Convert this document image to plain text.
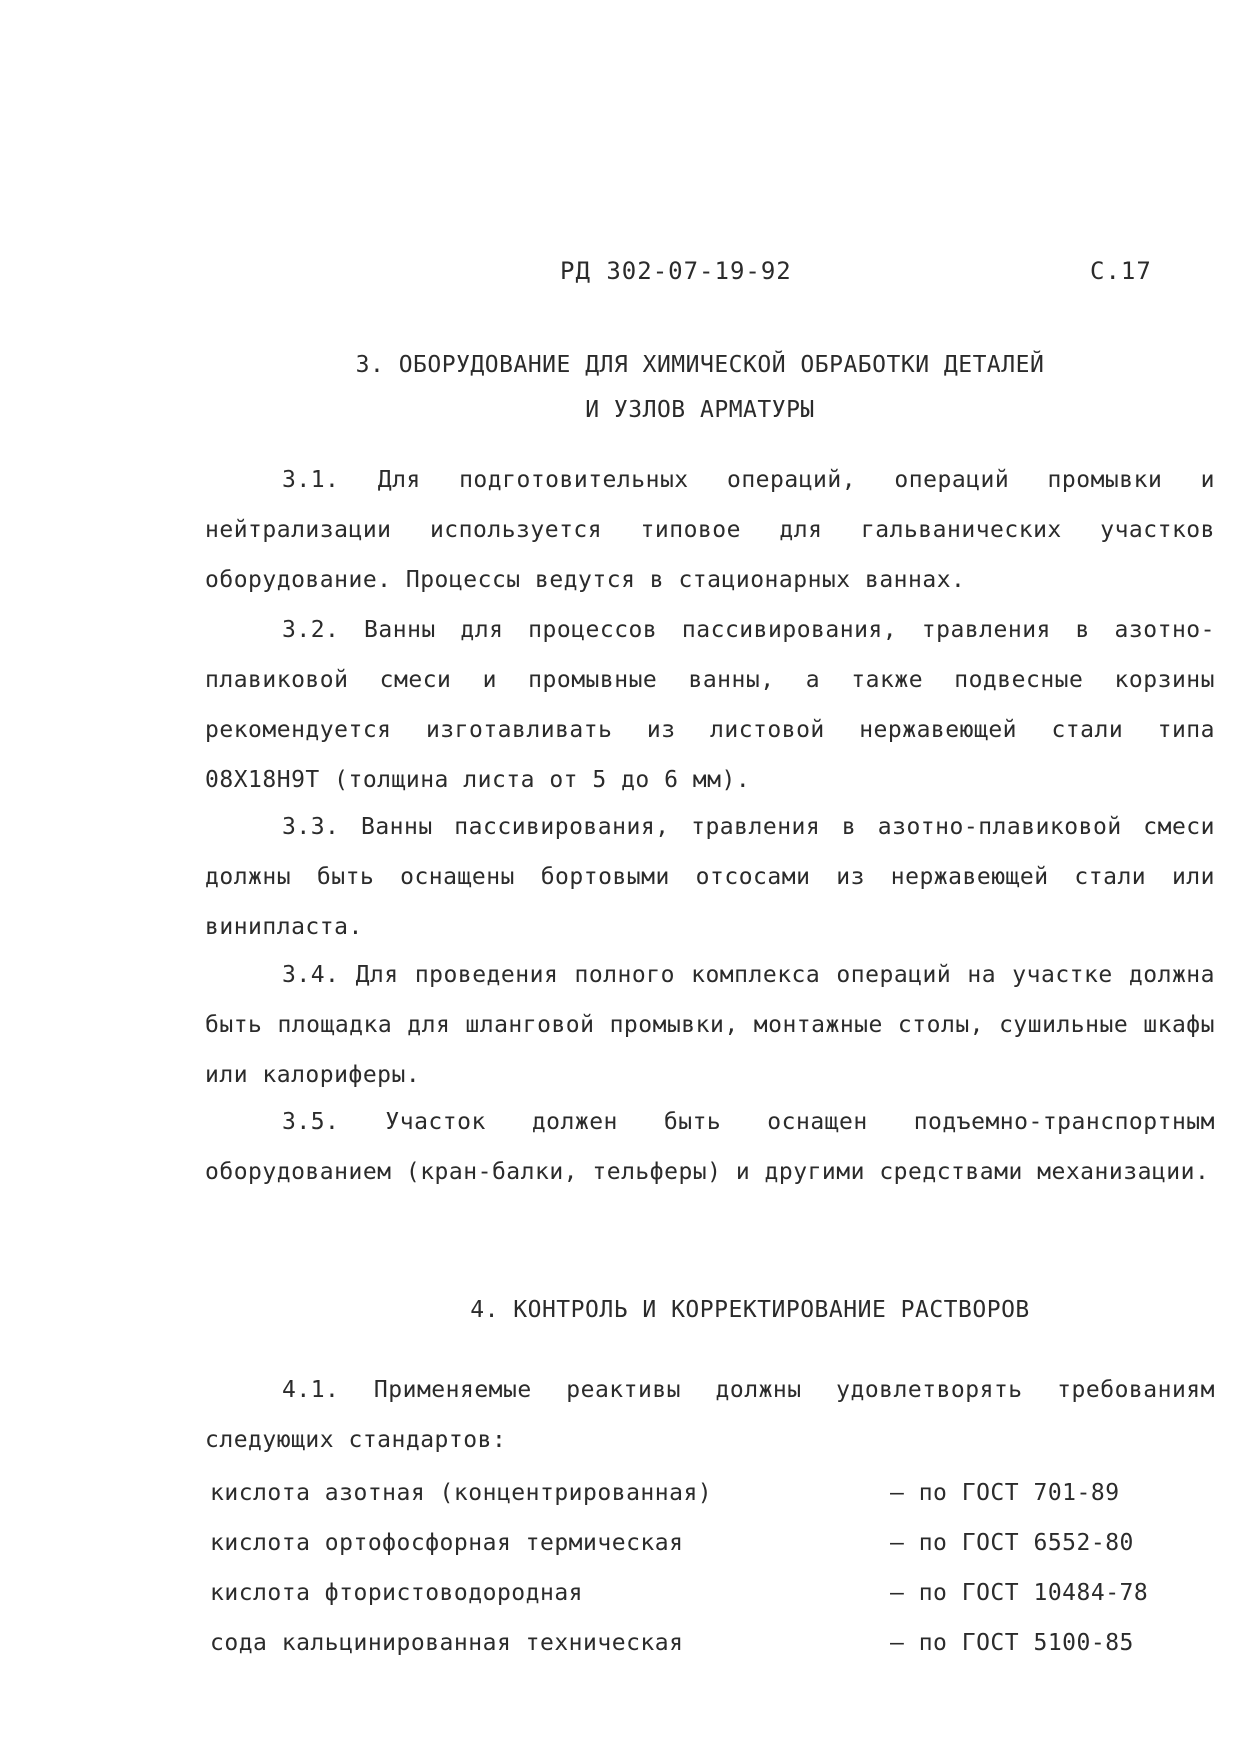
РД 302-07-19-92	С.17
3. ОБОРУДОВАНИЕ ДЛЯ ХИМИЧЕСКОЙ ОБРАБОТКИ ДЕТАЛЕЙ
И УЗЛОВ АРМАТУРЫ
3.1. Для подготовительных операций, операций промывки и нейтрализации используется типовое для гальванических участков оборудование. Процессы ведутся в стационарных ваннах.
3.2. Ванны для процессов пассивирования, травления в азотно-плавиковой смеси и промывные ванны, а также подвесные корзины рекомендуется изготавливать из листовой нержавеющей стали типа 08Х18Н9Т (толщина листа от 5 до 6 мм).
3.3. Ванны пассивирования, травления в азотно-плавиковой смеси должны быть оснащены бортовыми отсосами из нержавеющей стали или винипласта.
3.4. Для проведения полного комплекса операций на участке должна быть площадка для шланговой промывки, монтажные столы, сушильные шкафы или калориферы.
3.5. Участок должен быть оснащен подъемно-транспортным оборудованием (кран-балки, тельферы) и другими средствами механизации.
4. КОНТРОЛЬ И КОРРЕКТИРОВАНИЕ РАСТВОРОВ
4.1. Применяемые реактивы должны удовлетворять требованиям следующих стандартов:
кислота азотная (концентрированная)	– по ГОСТ 701-89
кислота ортофосфорная термическая	– по ГОСТ 6552-80
кислота фтористоводородная	– по ГОСТ 10484-78
сода кальцинированная техническая	– по ГОСТ 5100-85
